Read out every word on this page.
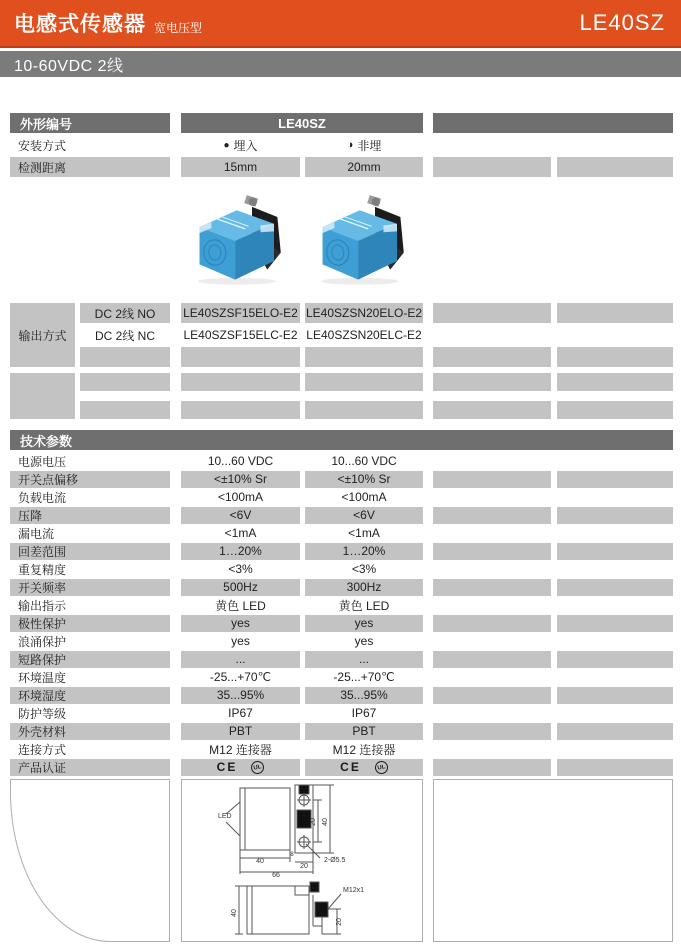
电感式传感器 宽电压型	LE40SZ
10-60VDC 2线
外形编号	LE40SZ
安装方式	● 埋入	◑ 非埋
检测距离	15mm	20mm
输出方式
DC 2线 NO	LE40SZSF15ELO-E2 LE40SZSN20ELO-E2
DC 2线 NC	LE40SZSF15ELC-E2 LE40SZSN20ELC-E2
技术参数
电源电压	10...60 VDC	10...60 VDC
开关点偏移	<±10% Sr	<±10% Sr
负载电流	<100mA	<100mA
压降	<6V	<6V
漏电流	<1mA	<1mA
回差范围	1…20%	1…20%
重复精度	<3%	<3%
开关频率	500Hz	300Hz
输出指示	黄色 LED	黄色 LED
极性保护	yes	yes
浪涌保护	yes	yes
短路保护	...	...
环境温度	-25...+70℃	-25...+70℃
环境湿度	35...95%	35...95%
防护等级	IP67	IP67
外壳材料	PBT	PBT
连接方式	M12 连接器	M12 连接器
产品认证	CE	UL	CE	UL
LED
40
20
8
66
2-Ø5.5
20 40
40
M12x1
20
